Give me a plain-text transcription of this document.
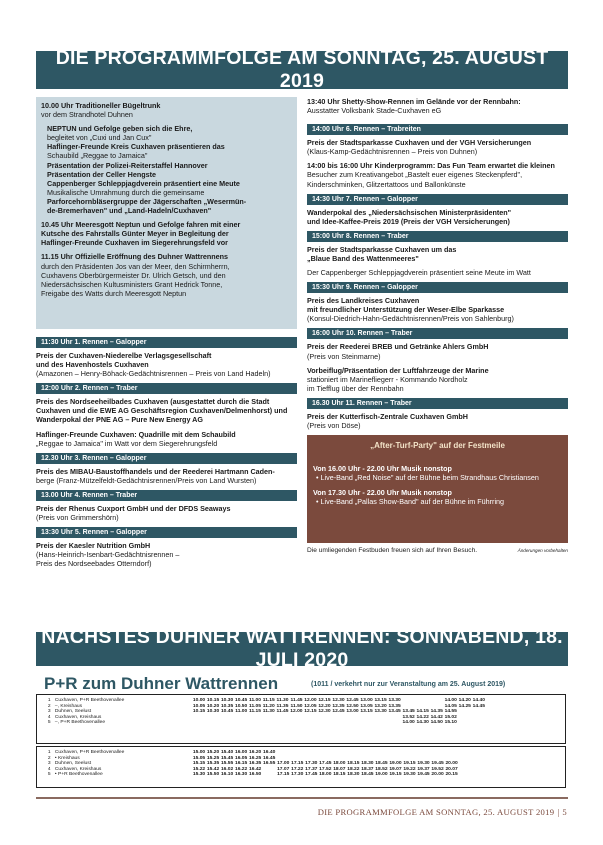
DIE PROGRAMMFOLGE AM SONNTAG, 25. AUGUST 2019

10.00 Uhr Traditioneller Bügeltrunk
vor dem Strandhotel Duhnen

NEPTUN und Gefolge geben sich die Ehre,
begleitet von „Cuxi und Jan Cux"
Haflinger-Freunde Kreis Cuxhaven präsentieren das
Schaubild „Reggae to Jamaica"
Präsentation der Polizei-Reiterstaffel Hannover
Präsentation der Celler Hengste
Cappenberger Schleppjagdverein präsentiert eine Meute
Musikalische Umrahmung durch die gemeinsame
Parforcehornbläsergruppe der Jägerschaften „Wesermün-
de-Bremerhaven" und „Land-Hadeln/Cuxhaven"

10.45 Uhr Meeresgott Neptun und Gefolge fahren mit einer
Kutsche des Fahrstalls Günter Meyer in Begleitung der
Haflinger-Freunde Cuxhaven im Siegerehrungsfeld vor

11.15 Uhr Offizielle Eröffnung des Duhner Wattrennens
durch den Präsidenten Jos van der Meer, den Schirmherrn,
Cuxhavens Oberbürgermeister Dr. Ulrich Getsch, und den
Niedersächsischen Kultusministers Grant Hedrick Tonne,
Freigabe des Watts durch Meeresgott Neptun

11:30 Uhr 1. Rennen – Galopper

Preis der Cuxhaven-Niederelbe Verlagsgesellschaft
und des Havenhostels Cuxhaven
(Amazonen – Henry-Böhack-Gedächtnisrennen – Preis von Land Hadeln)

12:00 Uhr 2. Rennen – Traber

Preis des Nordseeheilbades Cuxhaven (ausgestattet durch die Stadt
Cuxhaven und die EWE AG Geschäftsregion Cuxhaven/Delmenhorst) und
Wanderpokal der PNE AG – Pure New Energy AG

Haflinger-Freunde Cuxhaven: Quadrille mit dem Schaubild
„Reggae to Jamaica" im Watt vor dem Siegerehrungsfeld

12.30 Uhr 3. Rennen – Galopper

Preis des MIBAU-Baustoffhandels und der Reederei Hartmann Caden-
berge (Franz-Mützelfeldt-Gedächtnisrennen/Preis von Land Wursten)

13.00 Uhr 4. Rennen – Traber

Preis der Rhenus Cuxport GmbH und der DFDS Seaways
(Preis von Grimmershörn)

13:30 Uhr 5. Rennen – Galopper

Preis der Kaesler Nutrition GmbH
(Hans-Heinrich-Isenbart-Gedächtnisrennen –
Preis des Nordseebades Otterndorf)

13:40 Uhr Shetty-Show-Rennen im Gelände vor der Rennbahn:
Ausstatter Volksbank Stade-Cuxhaven eG
14:00 Uhr 6. Rennen – Trabreiten

Preis der Stadtsparkasse Cuxhaven und der VGH Versicherungen
(Klaus-Kamp-Gedächtnisrennen – Preis von Duhnen)

14:00 bis 16:00 Uhr Kinderprogramm: Das Fun Team erwartet die kleinen
Besucher zum Kreativangebot „Bastelt euer eigenes Steckenpferd",
Kinderschminken, Glitzertattoos und Ballonkünste

14:30 Uhr 7. Rennen – Galopper

Wanderpokal des „Niedersächsischen Ministerpräsidenten"
und Idee-Kaffee-Preis 2019 (Preis der VGH Versicherungen)

15:00 Uhr 8. Rennen – Traber

Preis der Stadtsparkasse Cuxhaven um das
„Blaue Band des Wattenmeeres"

Der Cappenberger Schleppjagdverein präsentiert seine Meute im Watt

15:30 Uhr 9. Rennen – Galopper

Preis des Landkreises Cuxhaven
mit freundlicher Unterstützung der Weser-Elbe Sparkasse
(Konsul-Diedrich-Hahn-Gedächtnisrennen/Preis von Sahlenburg)

16:00 Uhr 10. Rennen – Traber

Preis der Reederei BREB und Getränke Ahlers GmbH
(Preis von Steinmarne)

Vorbeiflug/Präsentation der Luftfahrzeuge der Marine
stationiert im Marinefliegerr - Kommando Nordholz
im Tiefflug über der Rennbahn

16.30 Uhr 11. Rennen – Traber

Preis der Kutterfisch-Zentrale Cuxhaven GmbH
(Preis von Döse)

„After-Turf-Party" auf der Festmeile

Von 16.00 Uhr - 22.00 Uhr Musik nonstop
• Live-Band „Red Noise" auf der Bühne beim Strandhaus Christiansen

Von 17.30 Uhr - 22.00 Uhr Musik nonstop
• Live-Band „Pallas Show-Band" auf der Bühne im Führring

Die umliegenden Festbuden freuen sich auf Ihren Besuch.	Änderungen vorbehalten
NÄCHSTES DUHNER WATTRENNEN: SONNABEND, 18. JULI 2020
P+R zum Duhner Wattrennen	(1011 / verkehrt nur zur Veranstaltung am 25. August 2019)
1	Cuxhaven, P+R Beethovenallee	10.00	10.15	10.30	10.45	11.00	11.15	11.30	11.45	12.00	12.15	12.30	12.45	13.00	13.15	13.30				14.00	14.20	14.40
2	–, Kreishaus	10.05	10.20	10.35	10.50	11.05	11.20	11.35	11.50	12.05	12.20	12.35	12.50	13.05	13.20	13.35				14.05	14.25	14.45
3	Duhnen, Seelust	10.15	10.30	10.45	11.00	11.15	11.30	11.45	12.00	12.15	12.30	12.45	13.00	13.15	13.30	13.45	13.45	14.15	14.35	14.55		
4	Cuxhaven, Kreishaus																13.52	14.22	14.42	15.02		
5	–, P+R Beethovenallee																14.00	14.30	14.50	15.10		
1	Cuxhaven, P+R Beethovenallee	15.00	15.20	15.40	16.00	16.20	16.40															
2	• Kreishaus	15.05	15.25	15.45	16.05	16.25	16.45															
3	Duhnen, Seelust	15.15	15.35	15.55	16.15	16.35	16.55	17.00	17.15	17.30	17.45	18.00	18.15	18.30	18.45	19.00	19.15	19.30	19.45	20.00		
4	Cuxhaven, Kreishaus	15.22	15.42	16.02	16.22	16.42		17.07	17.22	17.37	17.52	18.07	18.22	18.37	18.52	19.07	19.22	19.37	19.52	20.07		
5	• P+R Beethovenallee	15.30	15.50	16.10	16.30	16.50		17.15	17.30	17.45	18.00	18.15	18.30	18.45	19.00	19.15	19.30	19.45	20.00	20.15		
DIE PROGRAMMFOLGE AM SONNTAG, 25. AUGUST 2019 | 5
